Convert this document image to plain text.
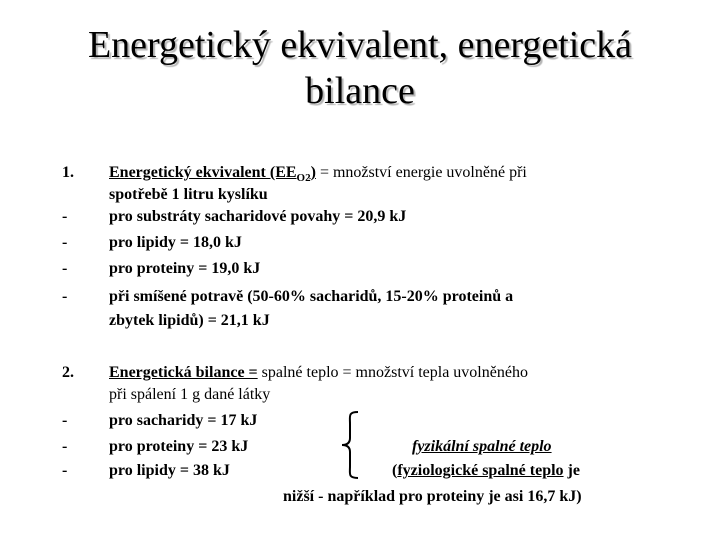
Energetický ekvivalent, energetická
bilance
1.	Energetický ekvivalent $(EE_{O2})$ = množství energie uvolněné při
spotřebě 1 litru kyslíku
-	pro substráty sacharidové povahy = 20,9 kJ
-	pro lipidy = 18,0 kJ
-	pro proteiny = 19,0 kJ
-	při smíšené potravě (50-60% sacharidů, 15-20% proteinů a
zbytek lipidů) = 21,1 kJ
2.	Energetická bilance = spalné teplo = množství tepla uvolněného
při spálení 1 g dané látky
-	pro sacharidy = 17 kJ
-	pro proteiny = 23 kJ
-	pro lipidy = 38 kJ
fyzikální spalné teplo
(fyziologické spalné teplo je
nižší - například pro proteiny je asi 16,7 kJ)
